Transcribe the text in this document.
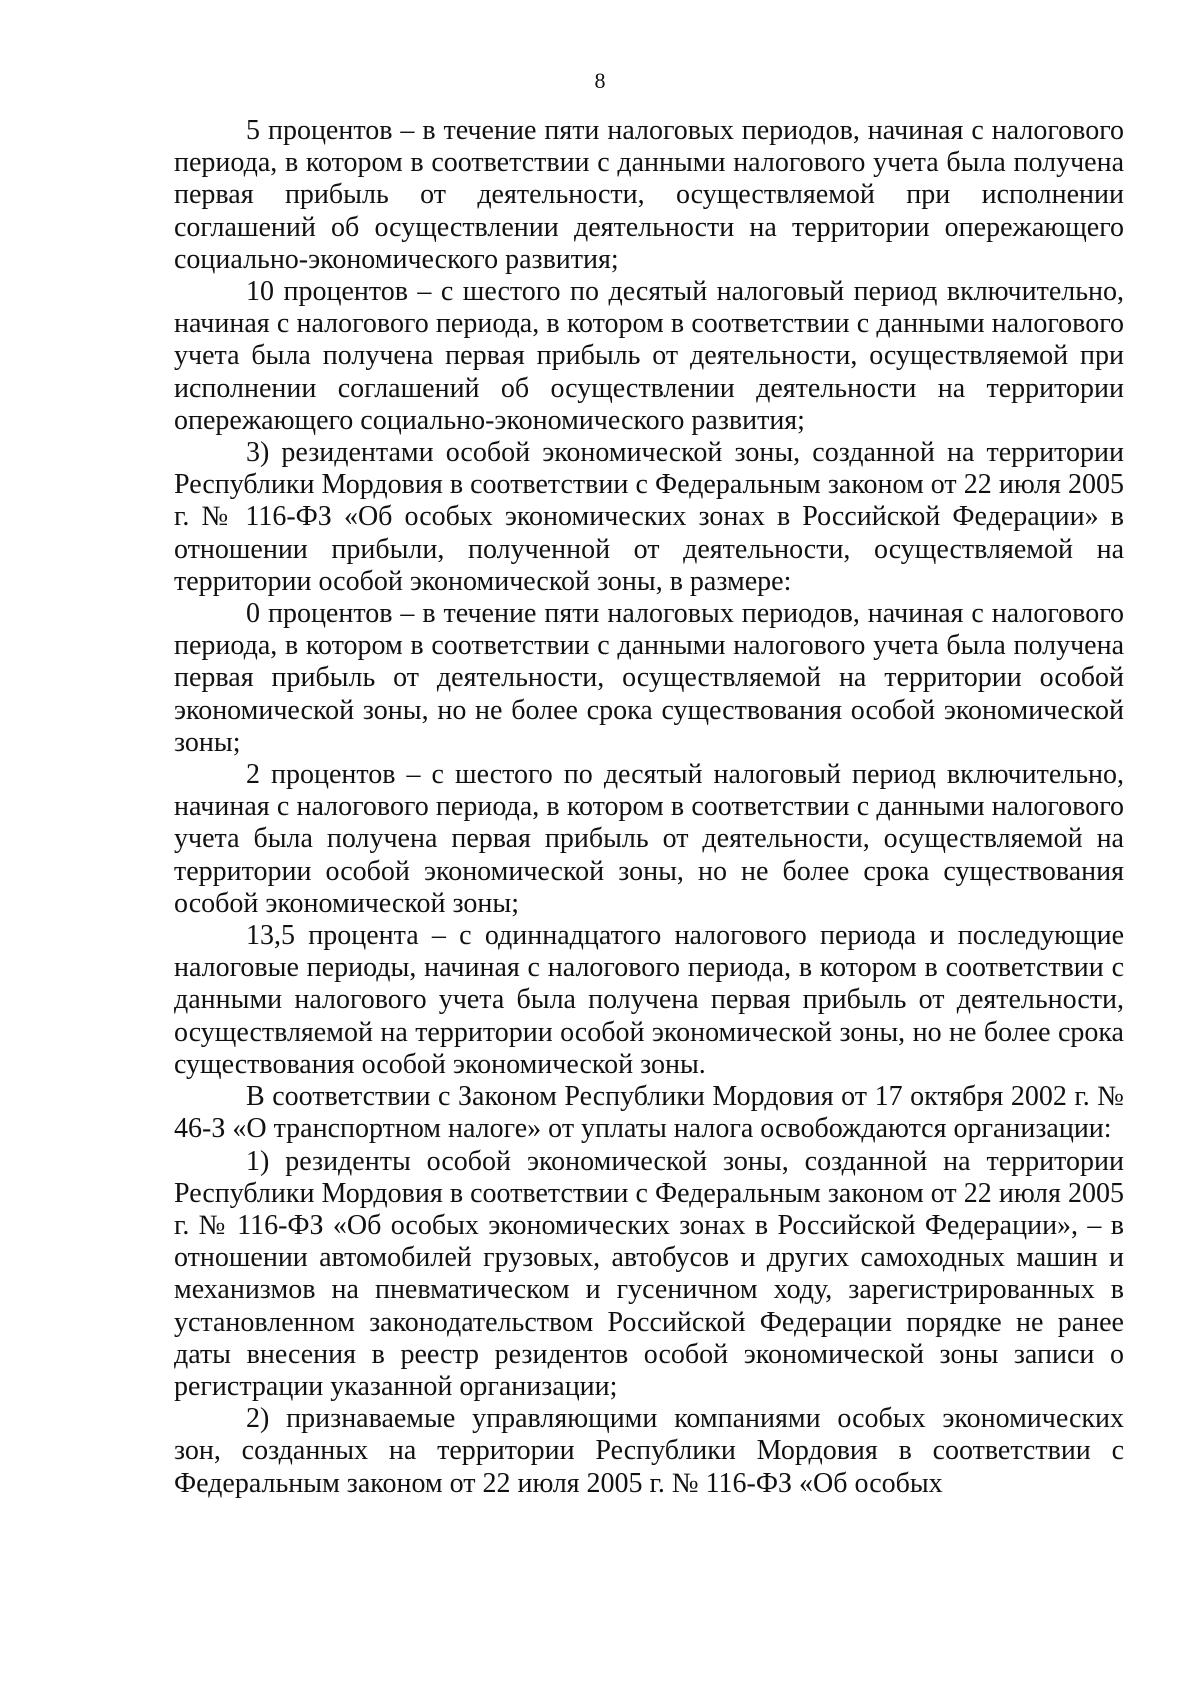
8

5 процентов – в течение пяти налоговых периодов, начиная с налогового периода, в котором в соответствии с данными налогового учета была получена первая прибыль от деятельности, осуществляемой при исполнении соглашений об осуществлении деятельности на территории опережающего социально-экономического развития;

10 процентов – с шестого по десятый налоговый период включительно, начиная с налогового периода, в котором в соответствии с данными налогового учета была получена первая прибыль от деятельности, осуществляемой при исполнении соглашений об осуществлении деятельности на территории опережающего социально-экономического развития;

3) резидентами особой экономической зоны, созданной на территории Республики Мордовия в соответствии с Федеральным законом от 22 июля 2005 г. № 116-ФЗ «Об особых экономических зонах в Российской Федерации» в отношении прибыли, полученной от деятельности, осуществляемой на территории особой экономической зоны, в размере:

0 процентов – в течение пяти налоговых периодов, начиная с налогового периода, в котором в соответствии с данными налогового учета была получена первая прибыль от деятельности, осуществляемой на территории особой экономической зоны, но не более срока существования особой экономической зоны;

2 процентов – с шестого по десятый налоговый период включительно, начиная с налогового периода, в котором в соответствии с данными налогового учета была получена первая прибыль от деятельности, осуществляемой на территории особой экономической зоны, но не более срока существования особой экономической зоны;

13,5 процента – с одиннадцатого налогового периода и последующие налоговые периоды, начиная с налогового периода, в котором в соответствии с данными налогового учета была получена первая прибыль от деятельности, осуществляемой на территории особой экономической зоны, но не более срока существования особой экономической зоны.

В соответствии с Законом Республики Мордовия от 17 октября 2002 г. № 46-З «О транспортном налоге» от уплаты налога освобождаются организации:

1) резиденты особой экономической зоны, созданной на территории Республики Мордовия в соответствии с Федеральным законом от 22 июля 2005 г. № 116-ФЗ «Об особых экономических зонах в Российской Федерации», – в отношении автомобилей грузовых, автобусов и других самоходных машин и механизмов на пневматическом и гусеничном ходу, зарегистрированных в установленном законодательством Российской Федерации порядке не ранее даты внесения в реестр резидентов особой экономической зоны записи о регистрации указанной организации;

2) признаваемые управляющими компаниями особых экономических зон, созданных на территории Республики Мордовия в соответствии с Федеральным законом от 22 июля 2005 г. № 116-ФЗ «Об особых
